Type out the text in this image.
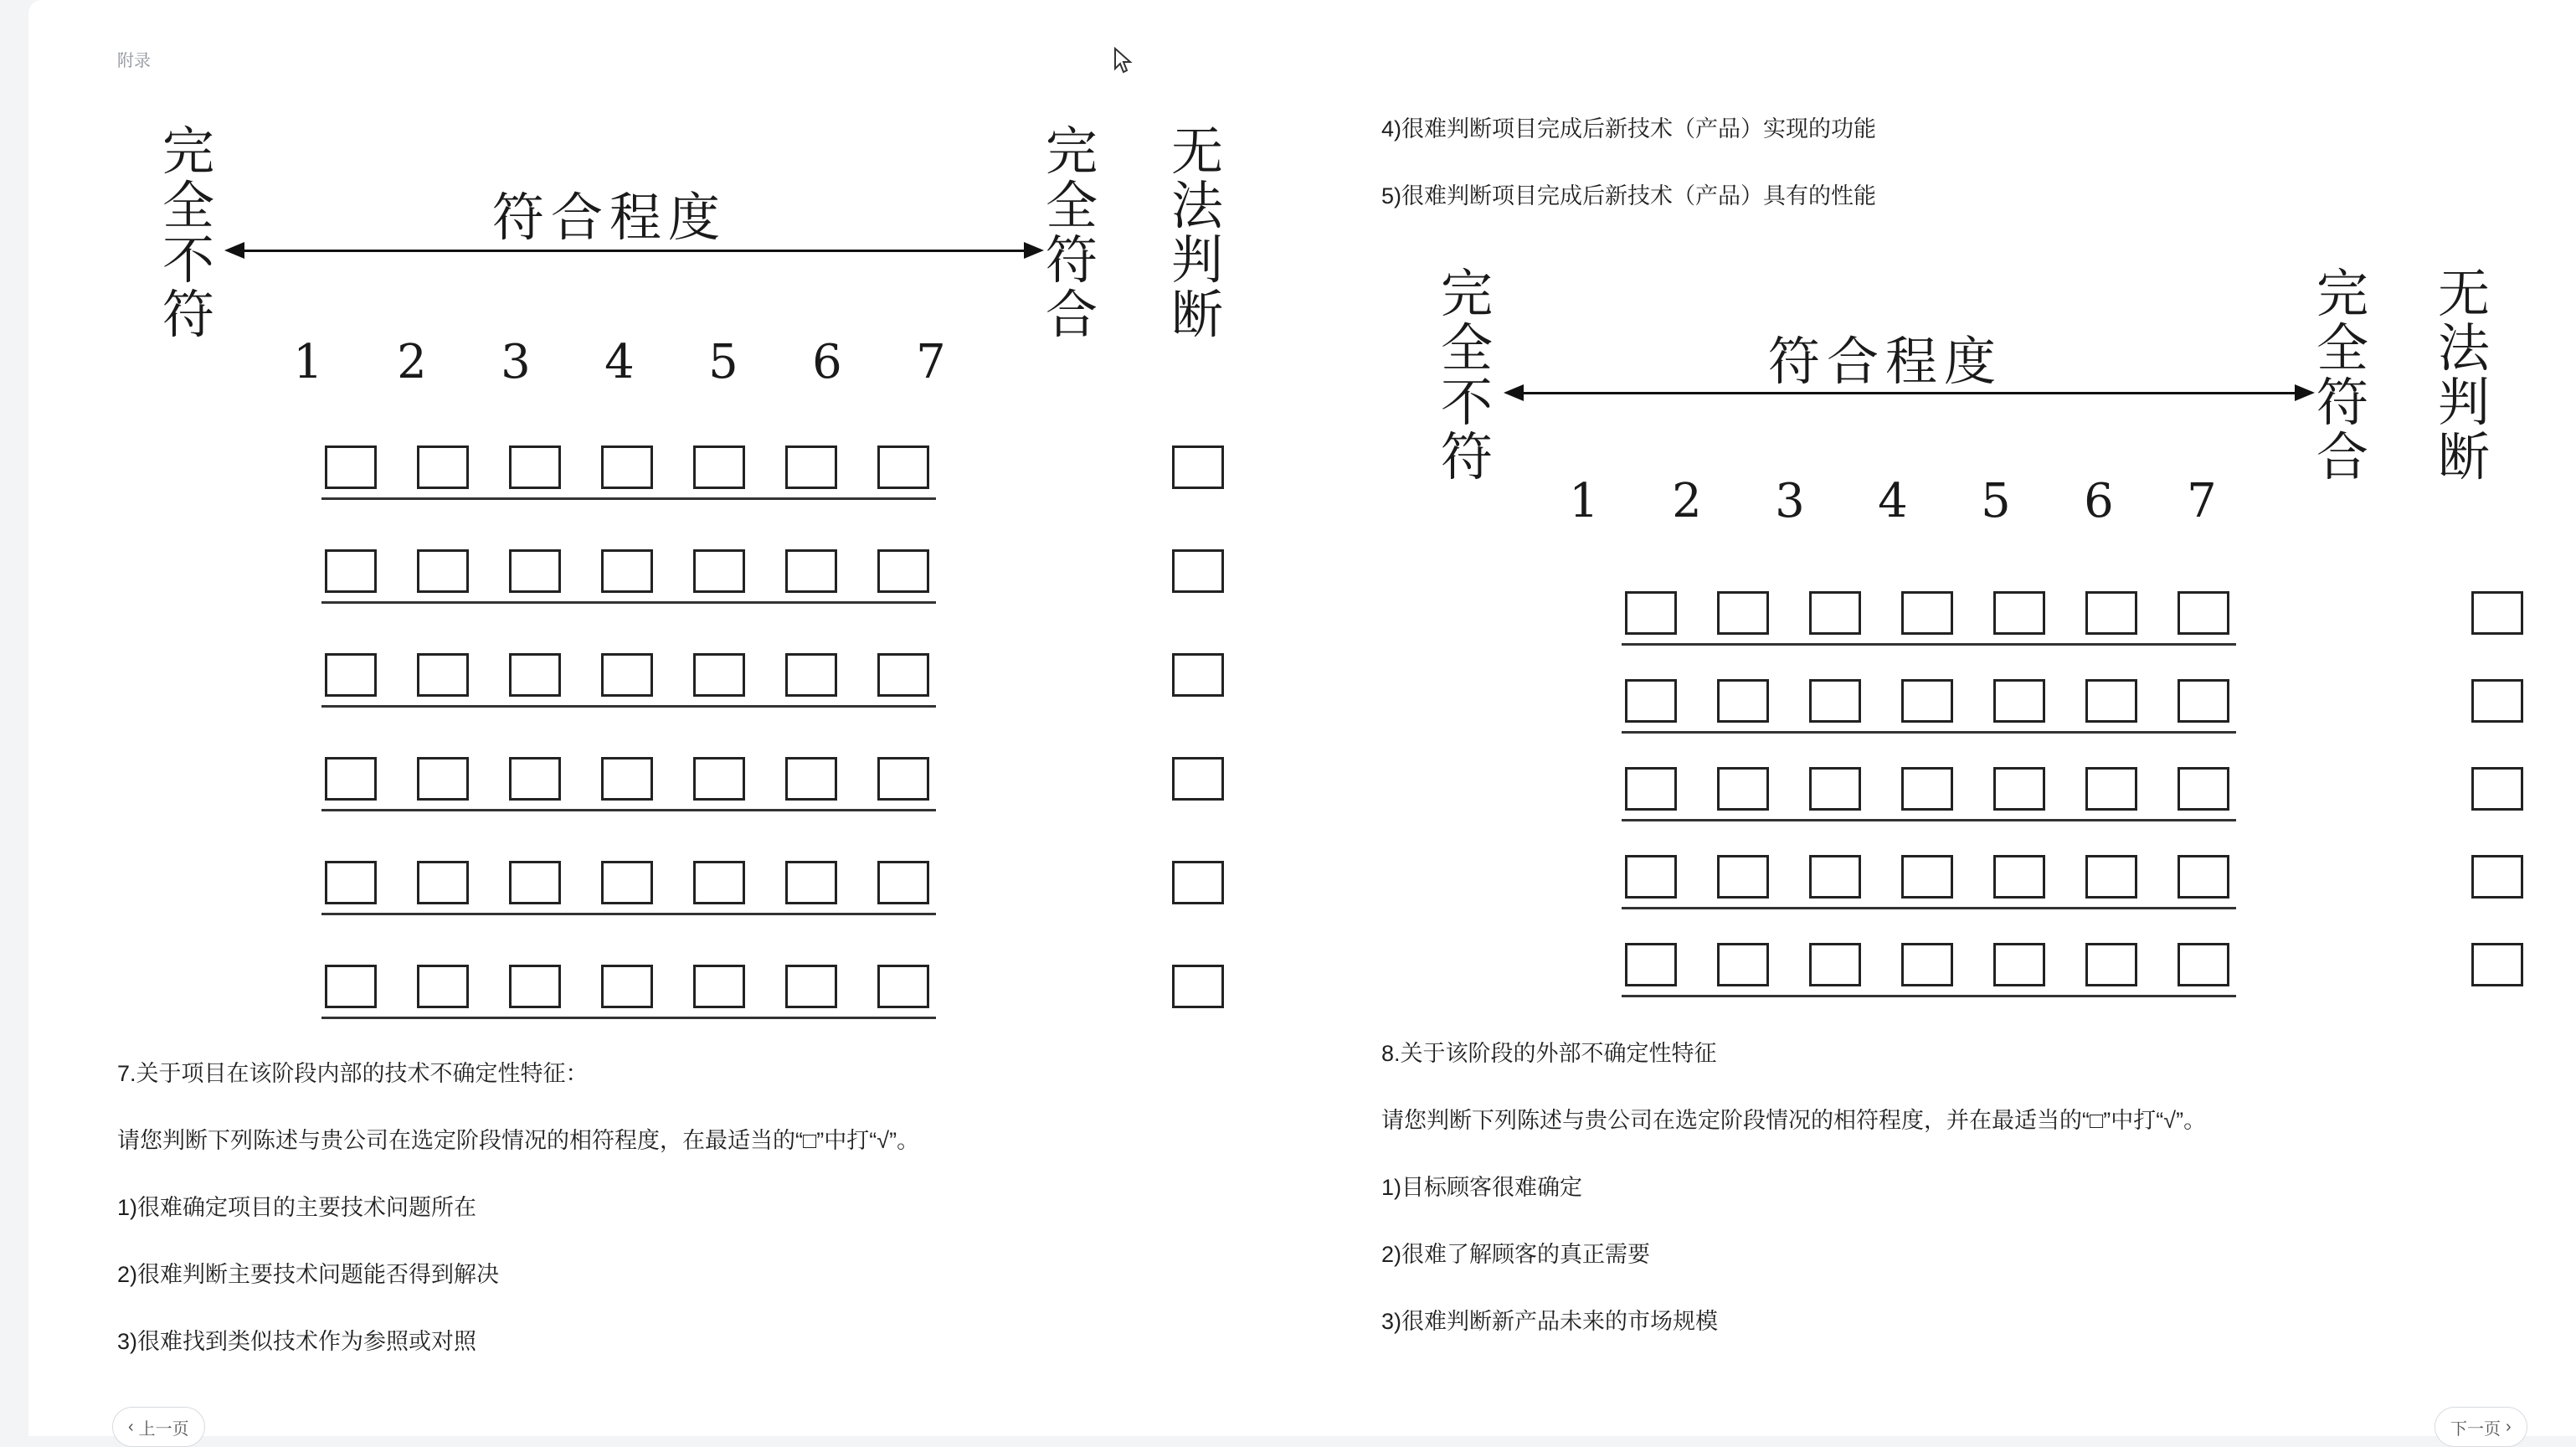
附录
完
全
不
符
符合程度
完
全
符
合
无
法
判
断
1 2 3 4 5 6 7
7.关于项目在该阶段内部的技术不确定性特征：
请您判断下列陈述与贵公司在选定阶段情况的相符程度，在最适当的“□”中打“√”。
1)很难确定项目的主要技术问题所在
2)很难判断主要技术问题能否得到解决
3)很难找到类似技术作为参照或对照
4)很难判断项目完成后新技术（产品）实现的功能
5)很难判断项目完成后新技术（产品）具有的性能
完
全
不
符
符合程度
完
全
符
合
无
法
判
断
1 2 3 4 5 6 7
8.关于该阶段的外部不确定性特征
请您判断下列陈述与贵公司在选定阶段情况的相符程度，并在最适当的“□”中打“√”。
1)目标顾客很难确定
2)很难了解顾客的真正需要
3)很难判断新产品未来的市场规模
‹ 上一页	下一页 ›
